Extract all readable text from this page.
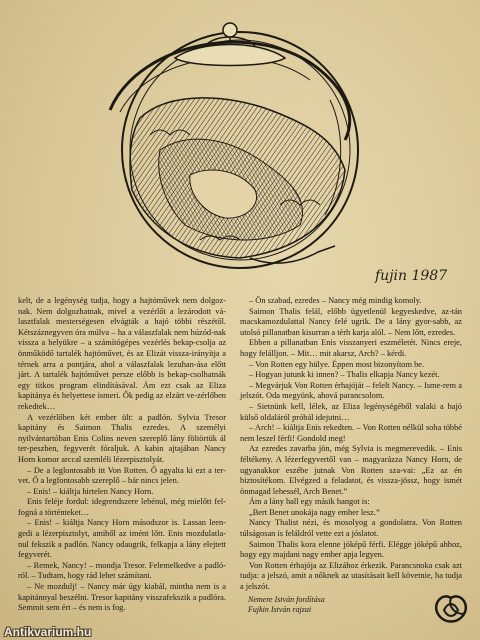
fujin 1987

kelt, de a legénység tudja, hogy a hajtóművek nem dolgoz-nak. Nem dolgozhatnak, mivel a vezérlőt a lezárodott vá-lasztfalak mesterségesen elvágták a hajó többi részétől. Kétszáznegyven óra múlva – ha a válaszfalak nem húzód-nak vissza a helyükre – a számítógépes vezérlés bekap-csolja az önműködő tartalék hajtóművet, és az Elizát vissza-irányítja a térnek arra a pontjára, ahol a válaszfalak lezuhan-ása előtt járt. A tartalék hajtóművet persze előbb is bekap-csolhatnák egy titkos program elindításával. Ám ezt csak az Eliza kapitánya és helyettese ismeri. Ők pedig az elzárt ve-zérlőben rekedtek…

A vezérlőben két ember ült: a padlón. Sylvia Tresor kapitány és Saimon Thalis ezredes. A személyi nyilvántartóban Enis Colins neven szereplő lány föltörtük ál ter-peszben, fegyverét fóraljuk. A kabin ajtajában Nancy Horn komor arccal szemléli lézerpisztolyát.

– De a leglontosabb itt Von Rotten. Ő agyalta ki ezt a ter-vet. Ő a legfontosabb szereplő – bár nincs jelen.

– Enis! – kiáltja hirtelen Nancy Horn.

Enis feléje fordul: idegrendszere lebénul, még mielőtt fel-fogná a történteket…

– Enis! – kiáltja Nancy Horn másodszor is. Lassan leen-gedi a lézerpisztolyt, amiből az imént lőtt. Enis mozdulatla-nul fekszik a padlón. Nancy odaugrik, felkapja a lány elejtett fegyverét.

– Remek, Nancy! – mondja Tresor. Felemelkedve a padló-ról. – Tudtam, hogy rád lehet számítani.

– Ne mozdulj! – Nancy már úgy kiabál, mintha nem is a kapitánnyal beszélni. Tresor kapitány visszafekszik a padlóra. Semmit sem ért – és nem is fog.

– Ön szabad, ezredes – Nancy még mindig komoly.

Saimon Thalis felál, előbb ügyetlenül kegyeskedve, az-tán macskamozdulattal Nancy felé ugrik. De a lány gyor-sabb, az utolsó pillanatban kisurran a térh karja alól. – Nem lőtt, ezredes.

Ebben a pillanatban Enis visszanyeri eszméletét. Nincs ereje, hogy felálljon. – Mit… mit akarsz, Arch? – kérdi.

– Von Rotten egy hülye. Éppen most bizonyítom be.

– Hogyan jutunk ki innen? – Thalis elkapja Nancy kezét.

– Megvárjuk Von Rotten érhajóját – felelt Nancy. – Isme-rem a jelszót. Oda megyünk, ahová parancsolom.

– Sietnünk kell, lélek, az Eliza legénységéből valaki a hajó külső oldaláról próbál idejutni…

– Arch! – kiáltja Enis rekedten. – Von Rotten nélkül soha többé nem leszel férfi! Gondold meg!

Az ezredes zavarba jön, még Sylvia is megmerevedik. – Enis féltékeny. A lézerfegyvertől van – magyarázza Nancy Horn, de ugyanakkor eszébe jutnak Von Rotten sza-vai: „Ez az én biztosítékom. Elvégzed a feladatot, és vissza-jössz, hogy ismét önmagad lehessél, Arch Benet.”

Ám a lány hall egy másik hangot is:

„Bert Benet unokája nagy ember lesz.”

Nancy Thalist nézi, és mosolyog a gondolatra. Von Rotten túlságosan is feláldról vette ezt a jóslatot.

Saimon Thalis kora elenne jóképű férfi. Elégge jóképű ahhoz, hogy egy majdani nagy ember apja legyen.

Von Rotten érhajója az Elizához érkezik. Parancsnoka csak azt tudja: a jelszó, amit a nőknek az utasításait kell követnie, ha tudja a jelszót.

Nemere István fordítása
Fujkin István rajzai
Antikvarium.hu
